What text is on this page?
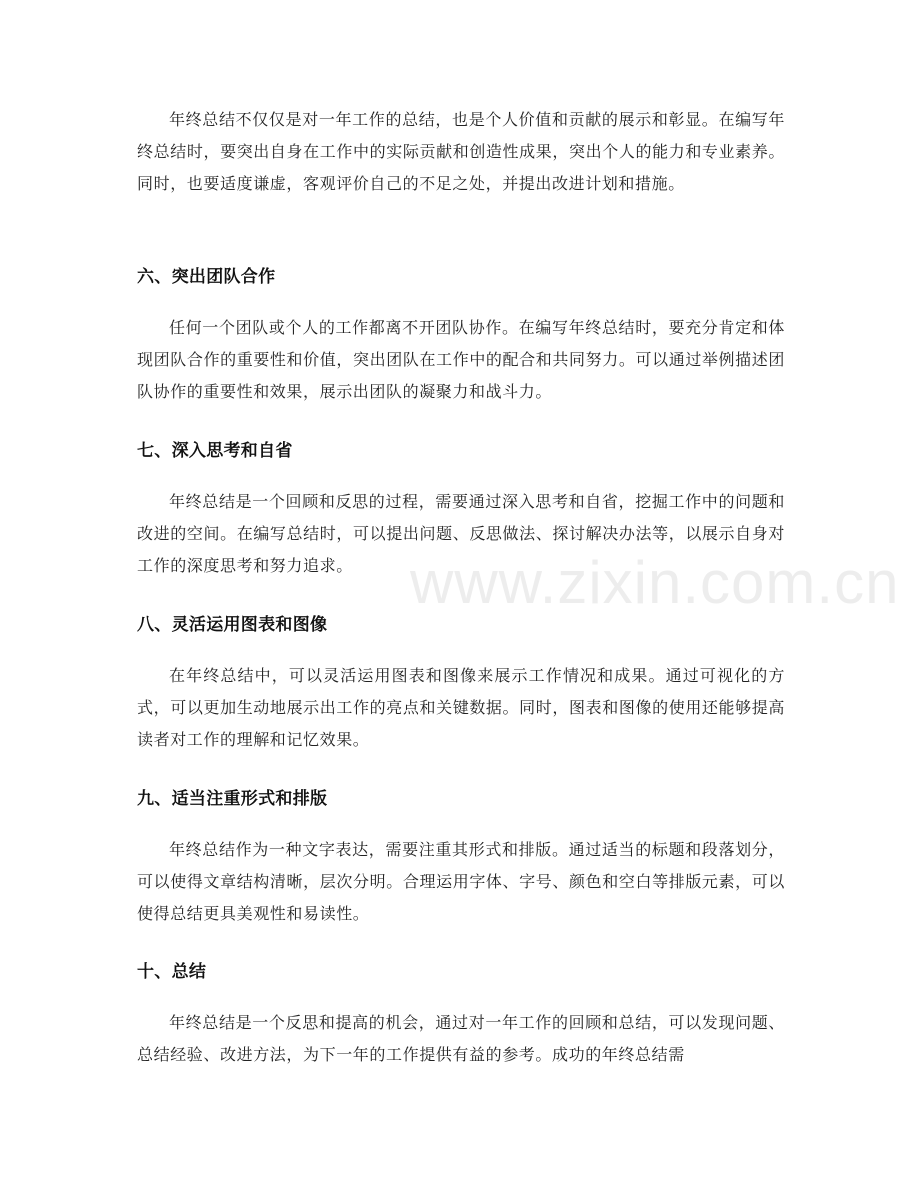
年终总结不仅仅是对一年工作的总结，也是个人价值和贡献的展示和彰显。在编写年终总结时，要突出自身在工作中的实际贡献和创造性成果，突出个人的能力和专业素养。同时，也要适度谦虚，客观评价自己的不足之处，并提出改进计划和措施。

六、突出团队合作

任何一个团队或个人的工作都离不开团队协作。在编写年终总结时，要充分肯定和体现团队合作的重要性和价值，突出团队在工作中的配合和共同努力。可以通过举例描述团队协作的重要性和效果，展示出团队的凝聚力和战斗力。

七、深入思考和自省

年终总结是一个回顾和反思的过程，需要通过深入思考和自省，挖掘工作中的问题和改进的空间。在编写总结时，可以提出问题、反思做法、探讨解决办法等，以展示自身对工作的深度思考和努力追求。

八、灵活运用图表和图像

在年终总结中，可以灵活运用图表和图像来展示工作情况和成果。通过可视化的方式，可以更加生动地展示出工作的亮点和关键数据。同时，图表和图像的使用还能够提高读者对工作的理解和记忆效果。

九、适当注重形式和排版

年终总结作为一种文字表达，需要注重其形式和排版。通过适当的标题和段落划分，可以使得文章结构清晰，层次分明。合理运用字体、字号、颜色和空白等排版元素，可以使得总结更具美观性和易读性。

十、总结

年终总结是一个反思和提高的机会，通过对一年工作的回顾和总结，可以发现问题、总结经验、改进方法，为下一年的工作提供有益的参考。成功的年终总结需

www.zixin.com.cn
